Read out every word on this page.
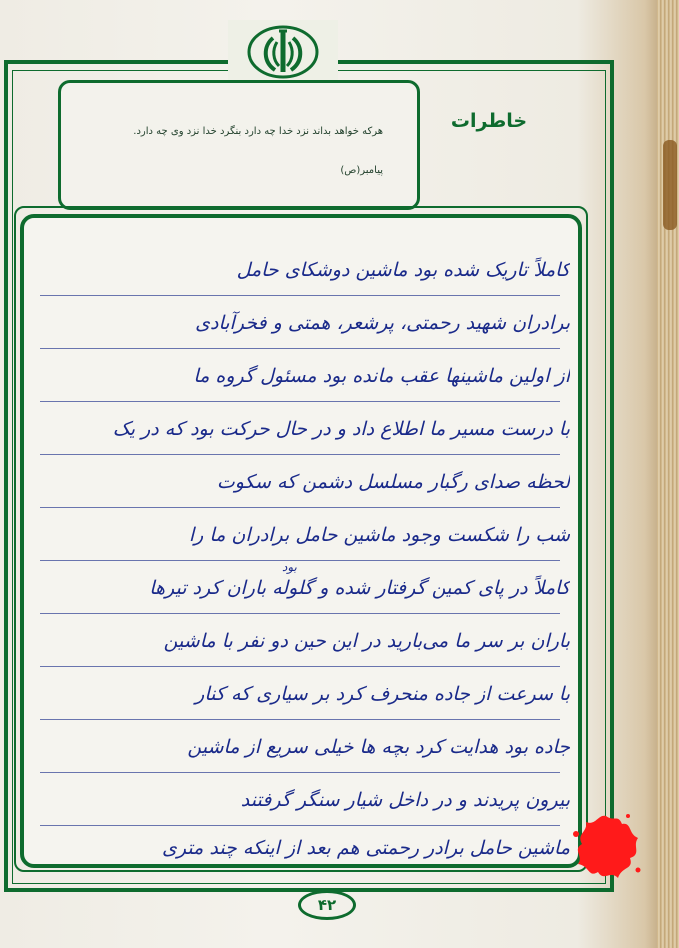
هرکه خواهد بداند نزد خدا چه دارد بنگرد خدا نزد وی چه دارد.
پیامبر(ص)
خاطرات
کاملاً تاریک شده بود ماشین دوشکای حامل
برادران شهید رحمتی، پرشعر، همتی و فخرآبادی
از اولین ماشینها عقب مانده بود مسئول گروه ما
با درست مسیر ما اطلاع داد و در حال حرکت بود که در یک
لحظه صدای رگبار مسلسل دشمن که سکوت
شب را شکست وجود ماشین حامل برادران ما را
کاملاً در پای کمین گرفتار شده و گلوله باران کرد تیرها
باران بر سر ما می‌بارید در این حین دو نفر با ماشین
با سرعت از جاده منحرف کرد بر سیاری که کنار
جاده بود هدایت کرد بچه ها خیلی سریع از ماشین
بیرون پریدند و در داخل شیار سنگر گرفتند
ماشین حامل برادر رحمتی هم بعد از اینکه چند متری
بود
۴۲
